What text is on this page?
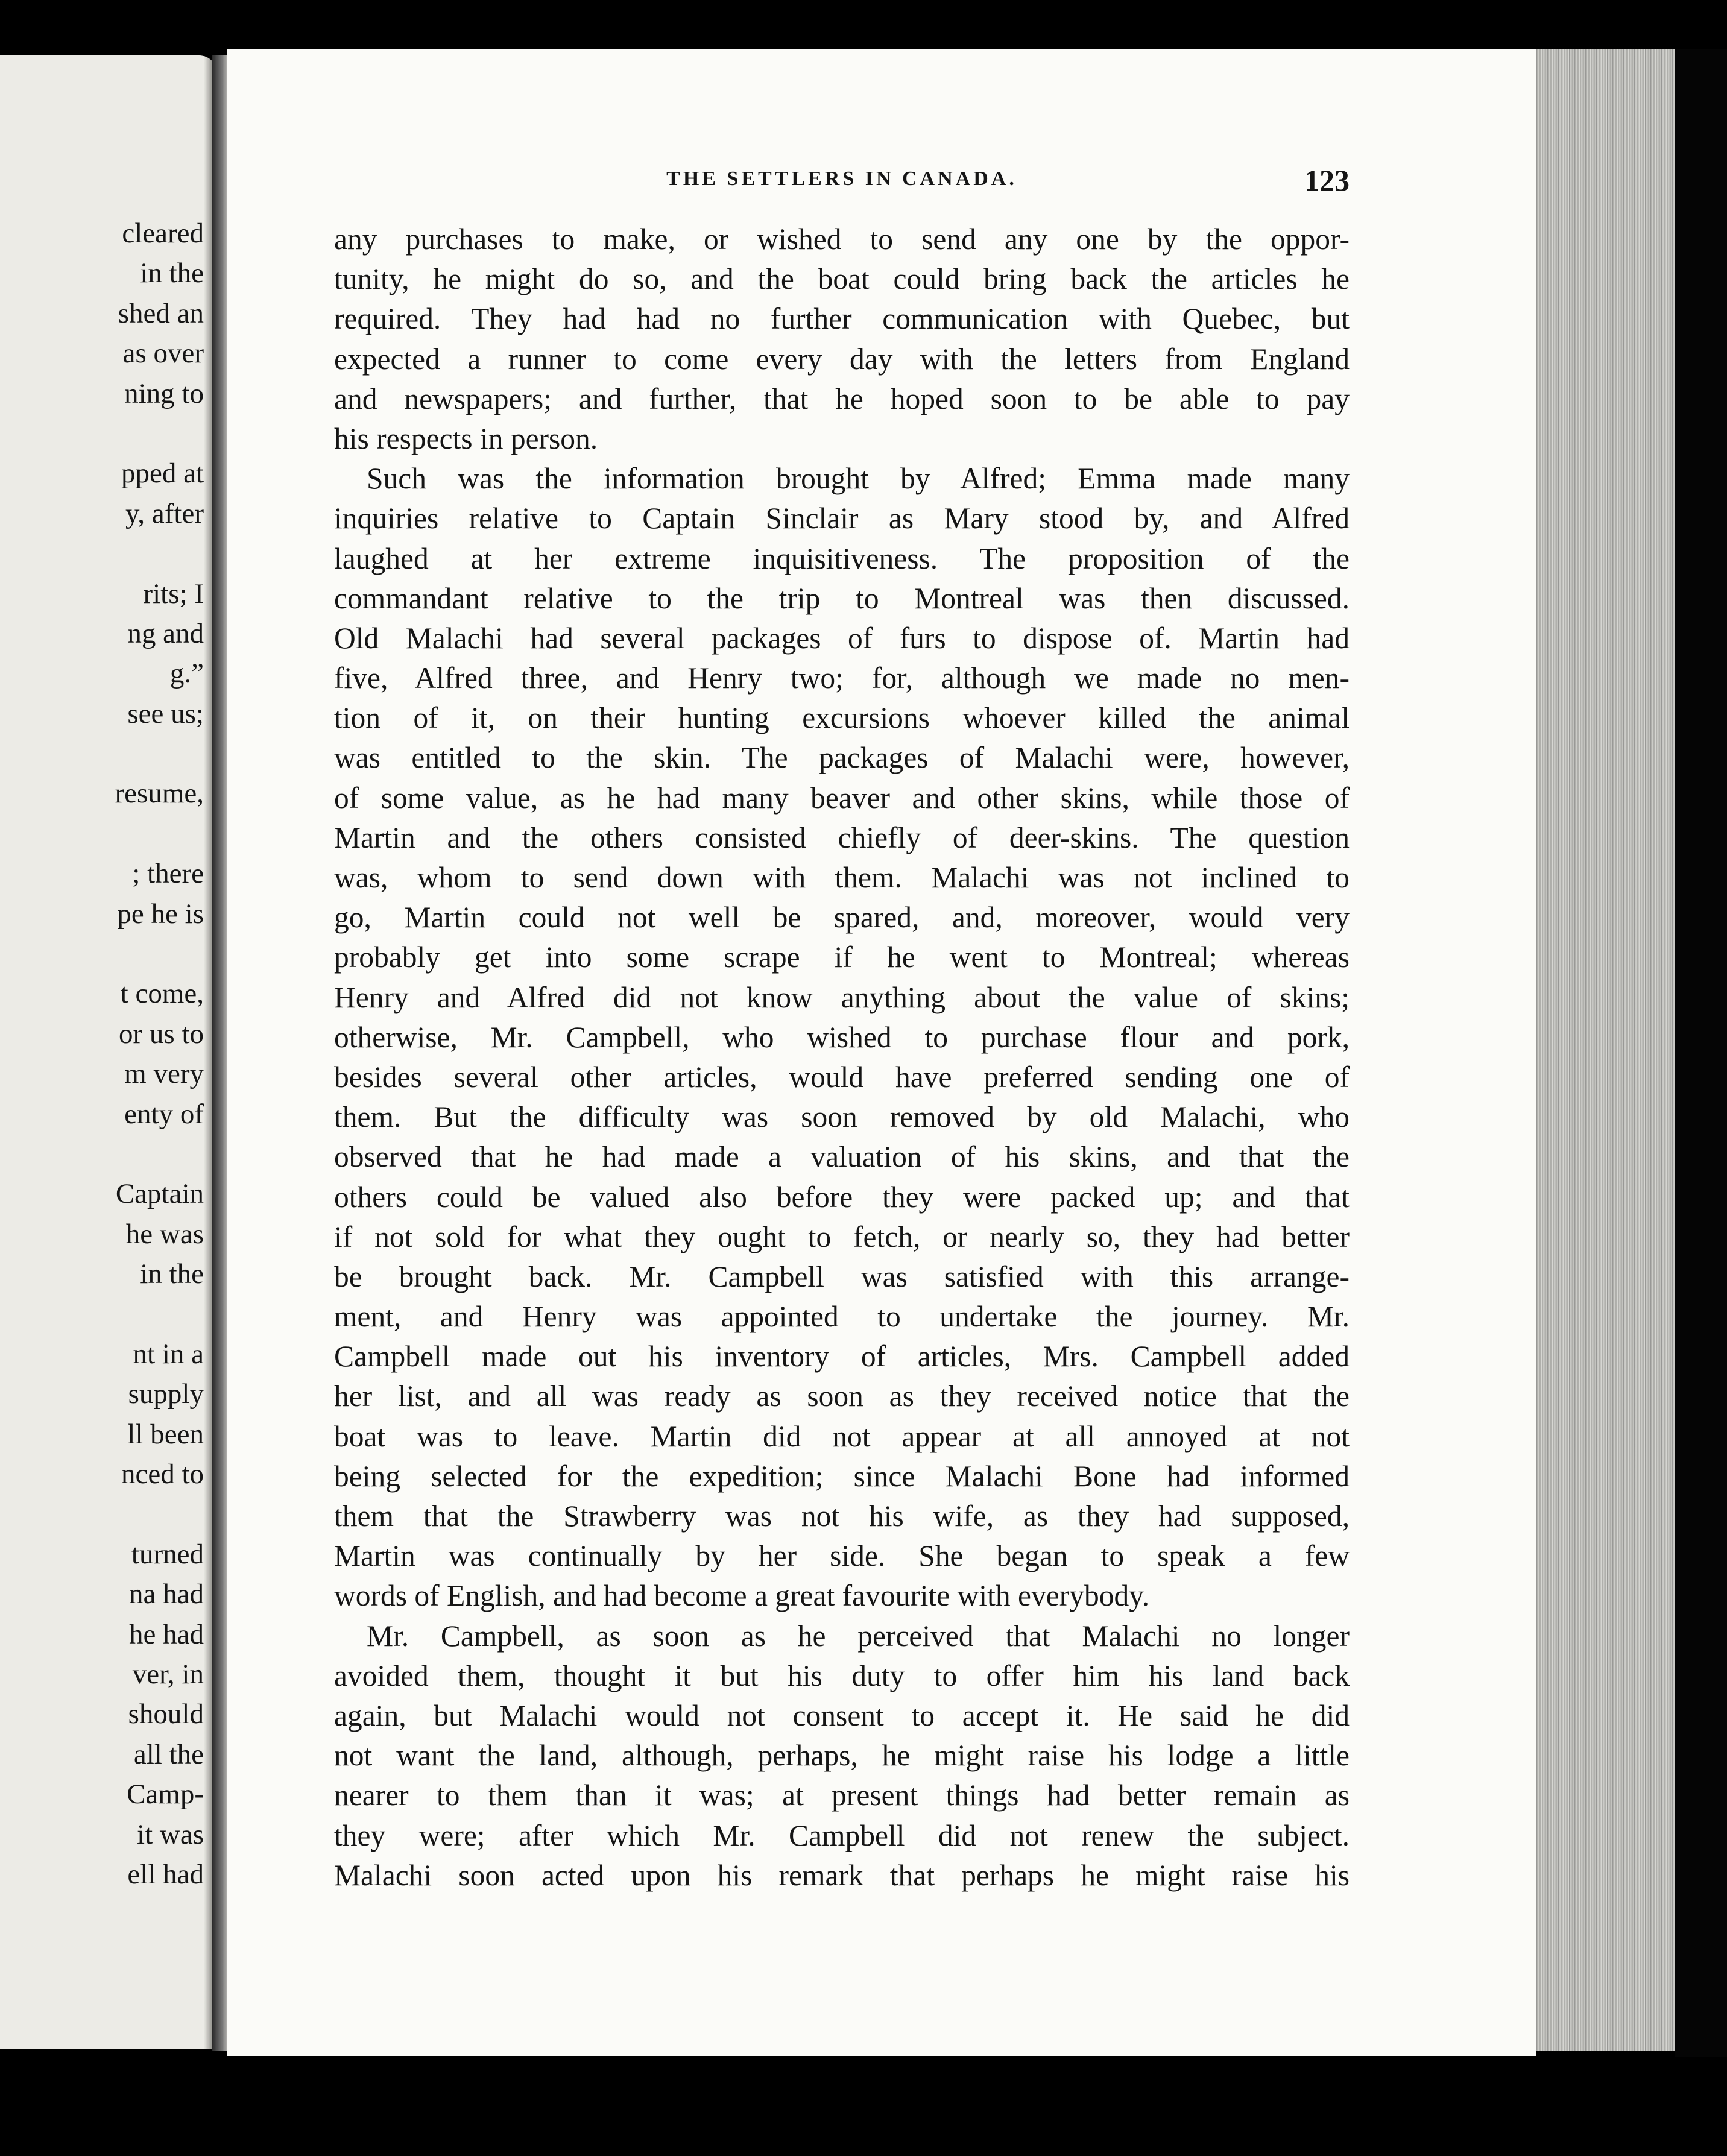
cleared
in the
shed an
as over
ning to
pped at
y, after
rits; I
ng and
g.”
see us;
resume,
; there
pe he is
t come,
or us to
m very
enty of
Captain
he was
in the
nt in a
supply
ll been
nced to
turned
na had
he had
ver, in
should
all the
Camp-
it was
ell had
THE SETTLERS IN CANADA.	123
any purchases to make, or wished to send any one by the oppor-
tunity, he might do so, and the boat could bring back the articles he
required. They had had no further communication with Quebec, but
expected a runner to come every day with the letters from England
and newspapers; and further, that he hoped soon to be able to pay
his respects in person.
Such was the information brought by Alfred; Emma made many
inquiries relative to Captain Sinclair as Mary stood by, and Alfred
laughed at her extreme inquisitiveness. The proposition of the
commandant relative to the trip to Montreal was then discussed.
Old Malachi had several packages of furs to dispose of. Martin had
five, Alfred three, and Henry two; for, although we made no men-
tion of it, on their hunting excursions whoever killed the animal
was entitled to the skin. The packages of Malachi were, however,
of some value, as he had many beaver and other skins, while those of
Martin and the others consisted chiefly of deer-skins. The question
was, whom to send down with them. Malachi was not inclined to
go, Martin could not well be spared, and, moreover, would very
probably get into some scrape if he went to Montreal; whereas
Henry and Alfred did not know anything about the value of skins;
otherwise, Mr. Campbell, who wished to purchase flour and pork,
besides several other articles, would have preferred sending one of
them. But the difficulty was soon removed by old Malachi, who
observed that he had made a valuation of his skins, and that the
others could be valued also before they were packed up; and that
if not sold for what they ought to fetch, or nearly so, they had better
be brought back. Mr. Campbell was satisfied with this arrange-
ment, and Henry was appointed to undertake the journey. Mr.
Campbell made out his inventory of articles, Mrs. Campbell added
her list, and all was ready as soon as they received notice that the
boat was to leave. Martin did not appear at all annoyed at not
being selected for the expedition; since Malachi Bone had informed
them that the Strawberry was not his wife, as they had supposed,
Martin was continually by her side. She began to speak a few
words of English, and had become a great favourite with everybody.
Mr. Campbell, as soon as he perceived that Malachi no longer
avoided them, thought it but his duty to offer him his land back
again, but Malachi would not consent to accept it. He said he did
not want the land, although, perhaps, he might raise his lodge a little
nearer to them than it was; at present things had better remain as
they were; after which Mr. Campbell did not renew the subject.
Malachi soon acted upon his remark that perhaps he might raise his
